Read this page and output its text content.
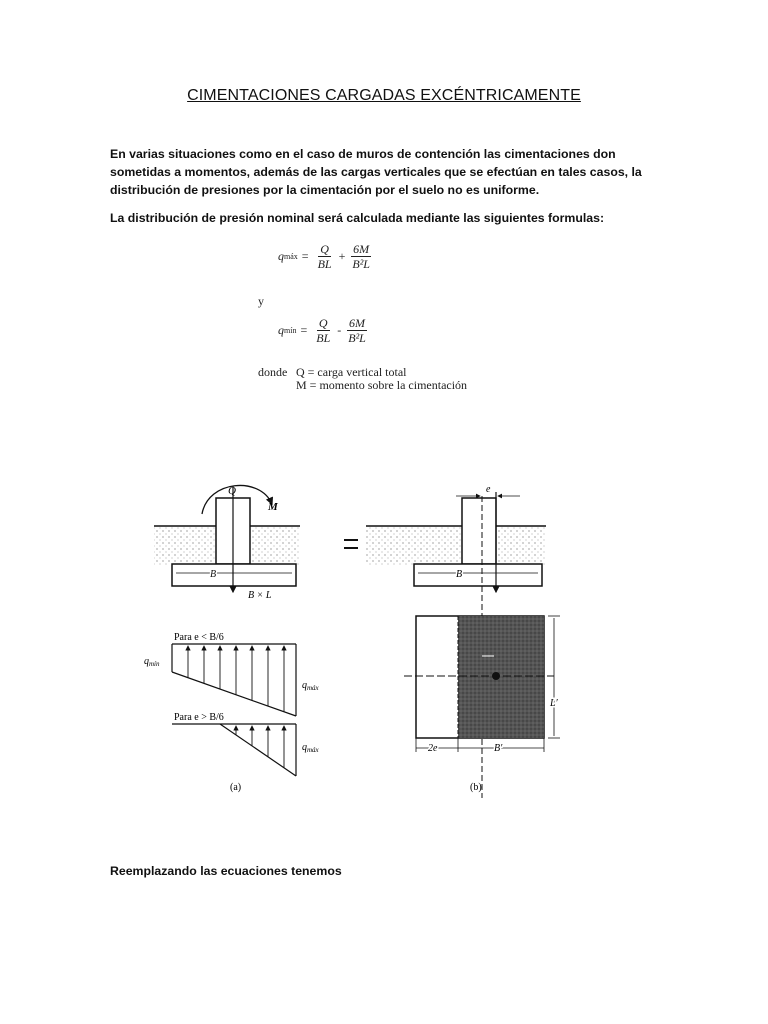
CIMENTACIONES CARGADAS EXCÉNTRICAMENTE
En varias situaciones como en el caso de muros de contención las cimentaciones don sometidas a momentos, además de las cargas verticales que se efectúan en tales casos, la distribución de presiones por la cimentación por el suelo no es uniforme.
La distribución de presión nominal será calculada mediante las siguientes formulas:
q máx = $\frac{Q}{BL} + \frac{6M}{\text{B²L}}$
y
q mín = $\frac{Q}{BL} - \frac{6M}{\text{B²L}}$
donde Q = carga vertical total
M = momento sobre la cimentación
Q
M
B
B × L
e
B
Para e < B/6
$q_{mín}$
$q_{máx}$
Para e > B/6
$q_{máx}$
(a)
L′
2e	B′
(b)
Reemplazando las ecuaciones tenemos
